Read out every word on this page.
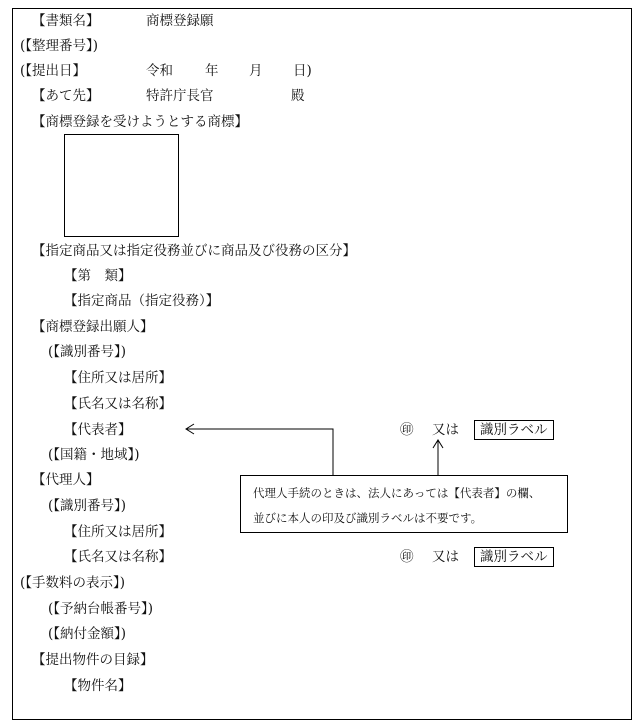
【書類名】	商標登録願
(【整理番号】)
(【提出日】	令和 年 月 日)
【あて先】	特許庁長官	殿
【商標登録を受けようとする商標】
【指定商品又は指定役務並びに商品及び役務の区分】
【第　類】
【指定商品（指定役務）】
【商標登録出願人】
(【識別番号】)
【住所又は居所】
【氏名又は名称】
【代表者】	㊞ 又は	識別ラベル
(【国籍・地域】)
【代理人】
(【識別番号】)
【住所又は居所】
【氏名又は名称】	㊞ 又は	識別ラベル
代理人手続のときは、法人にあっては【代表者】の欄、
並びに本人の印及び識別ラベルは不要です。
(【手数料の表示】)
(【予納台帳番号】)
(【納付金額】)
【提出物件の目録】
【物件名】
